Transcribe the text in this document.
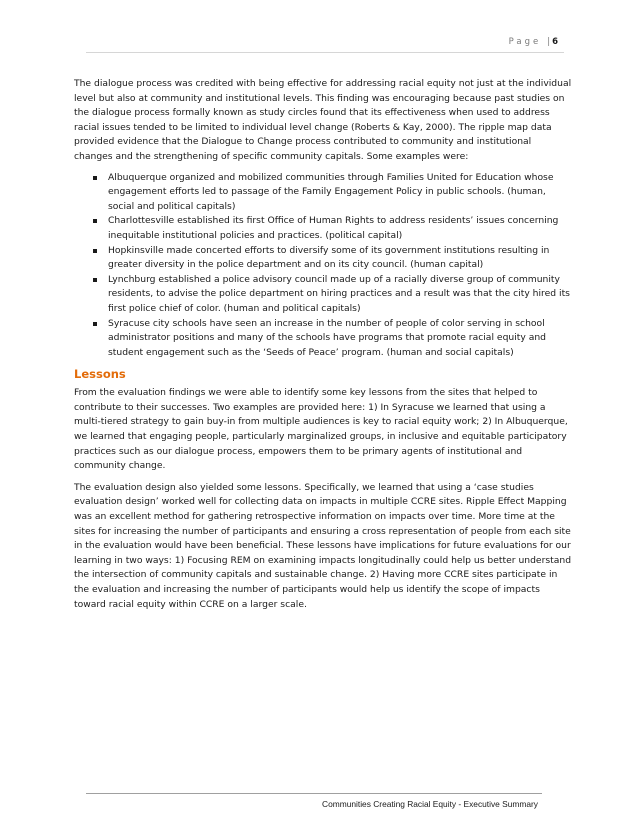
Page | 6

The dialogue process was credited with being effective for addressing racial equity not just at the individual level but also at community and institutional levels. This finding was encouraging because past studies on the dialogue process formally known as study circles found that its effectiveness when used to address racial issues tended to be limited to individual level change (Roberts & Kay, 2000). The ripple map data provided evidence that the Dialogue to Change process contributed to community and institutional changes and the strengthening of specific community capitals. Some examples were:

Albuquerque organized and mobilized communities through Families United for Education whose engagement efforts led to passage of the Family Engagement Policy in public schools. (human, social and political capitals)
Charlottesville established its first Office of Human Rights to address residents’ issues concerning inequitable institutional policies and practices. (political capital)
Hopkinsville made concerted efforts to diversify some of its government institutions resulting in greater diversity in the police department and on its city council. (human capital)
Lynchburg established a police advisory council made up of a racially diverse group of community residents, to advise the police department on hiring practices and a result was that the city hired its first police chief of color. (human and political capitals)
Syracuse city schools have seen an increase in the number of people of color serving in school administrator positions and many of the schools have programs that promote racial equity and student engagement such as the ‘Seeds of Peace’ program. (human and social capitals)
Lessons

From the evaluation findings we were able to identify some key lessons from the sites that helped to contribute to their successes. Two examples are provided here: 1) In Syracuse we learned that using a multi-tiered strategy to gain buy-in from multiple audiences is key to racial equity work; 2) In Albuquerque, we learned that engaging people, particularly marginalized groups, in inclusive and equitable participatory practices such as our dialogue process, empowers them to be primary agents of institutional and community change.

The evaluation design also yielded some lessons. Specifically, we learned that using a ‘case studies evaluation design’ worked well for collecting data on impacts in multiple CCRE sites. Ripple Effect Mapping was an excellent method for gathering retrospective information on impacts over time. More time at the sites for increasing the number of participants and ensuring a cross representation of people from each site in the evaluation would have been beneficial. These lessons have implications for future evaluations for our learning in two ways: 1) Focusing REM on examining impacts longitudinally could help us better understand the intersection of community capitals and sustainable change. 2) Having more CCRE sites participate in the evaluation and increasing the number of participants would help us identify the scope of impacts toward racial equity within CCRE on a larger scale.

Communities Creating Racial Equity - Executive Summary
